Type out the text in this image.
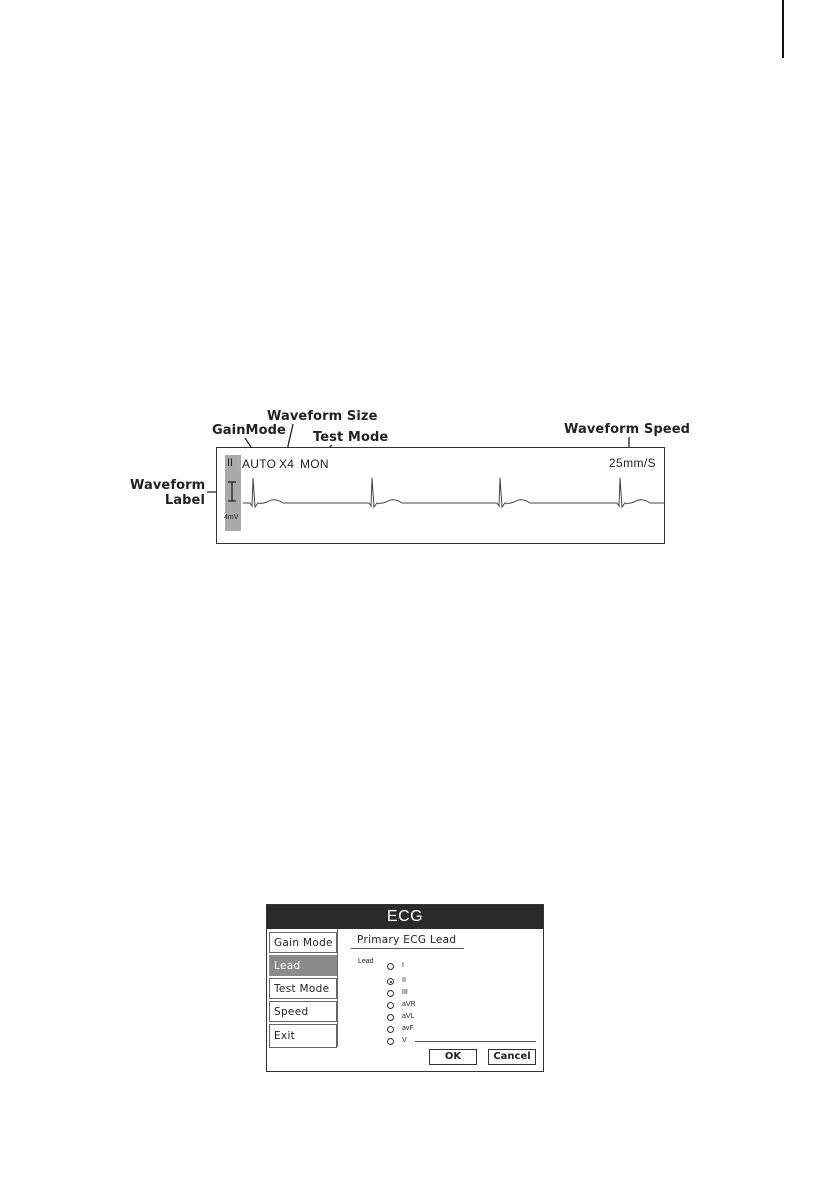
Waveform Size
GainMode Test Mode
Waveform Speed
Waveform
Label
II
4mV
AUTO X4 MON	25mm/S
ECG
Gain Mode
Lead
Test Mode
Speed
Exit
Primary ECG Lead
Lead
I
II
III
aVR
aVL
avF
V
OK	Cancel
